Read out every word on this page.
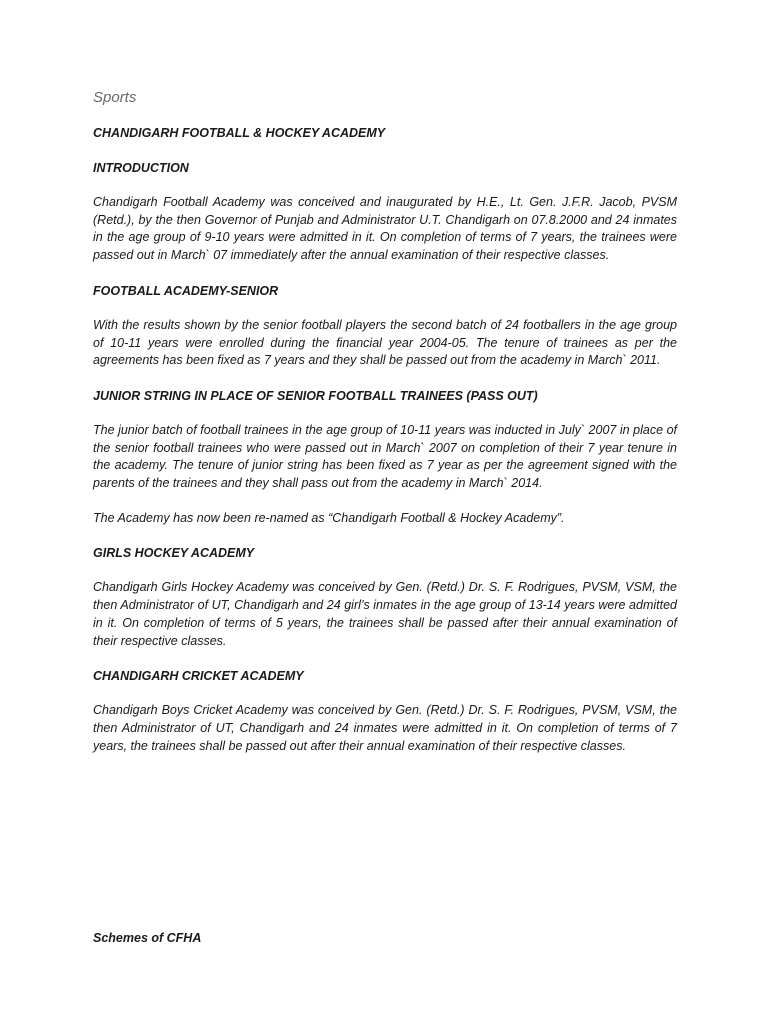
Sports

CHANDIGARH FOOTBALL & HOCKEY ACADEMY

INTRODUCTION

Chandigarh Football Academy was conceived and inaugurated by H.E., Lt. Gen. J.F.R. Jacob, PVSM (Retd.), by the then Governor of Punjab and Administrator U.T. Chandigarh on 07.8.2000 and 24 inmates in the age group of 9-10 years were admitted in it. On completion of terms of 7 years, the trainees were passed out in March` 07 immediately after the annual examination of their respective classes.

FOOTBALL ACADEMY-SENIOR

With the results shown by the senior football players the second batch of 24 footballers in the age group of 10-11 years were enrolled during the financial year 2004-05. The tenure of trainees as per the agreements has been fixed as 7 years and they shall be passed out from the academy in March` 2011.

JUNIOR STRING IN PLACE OF SENIOR FOOTBALL TRAINEES (PASS OUT)

The junior batch of football trainees in the age group of 10-11 years was inducted in July` 2007 in place of the senior football trainees who were passed out in March` 2007 on completion of their 7 year tenure in the academy. The tenure of junior string has been fixed as 7 year as per the agreement signed with the parents of the trainees and they shall pass out from the academy in March` 2014.

The Academy has now been re-named as “Chandigarh Football & Hockey Academy”.

GIRLS HOCKEY ACADEMY

Chandigarh Girls Hockey Academy was conceived by Gen. (Retd.) Dr. S. F. Rodrigues, PVSM, VSM, the then Administrator of UT, Chandigarh and 24 girl’s inmates in the age group of 13-14 years were admitted in it. On completion of terms of 5 years, the trainees shall be passed after their annual examination of their respective classes.

CHANDIGARH CRICKET ACADEMY

Chandigarh Boys Cricket Academy was conceived by Gen. (Retd.) Dr. S. F. Rodrigues, PVSM, VSM, the then Administrator of UT, Chandigarh and 24 inmates were admitted in it. On completion of terms of 7 years, the trainees shall be passed out after their annual examination of their respective classes.

Schemes of CFHA
